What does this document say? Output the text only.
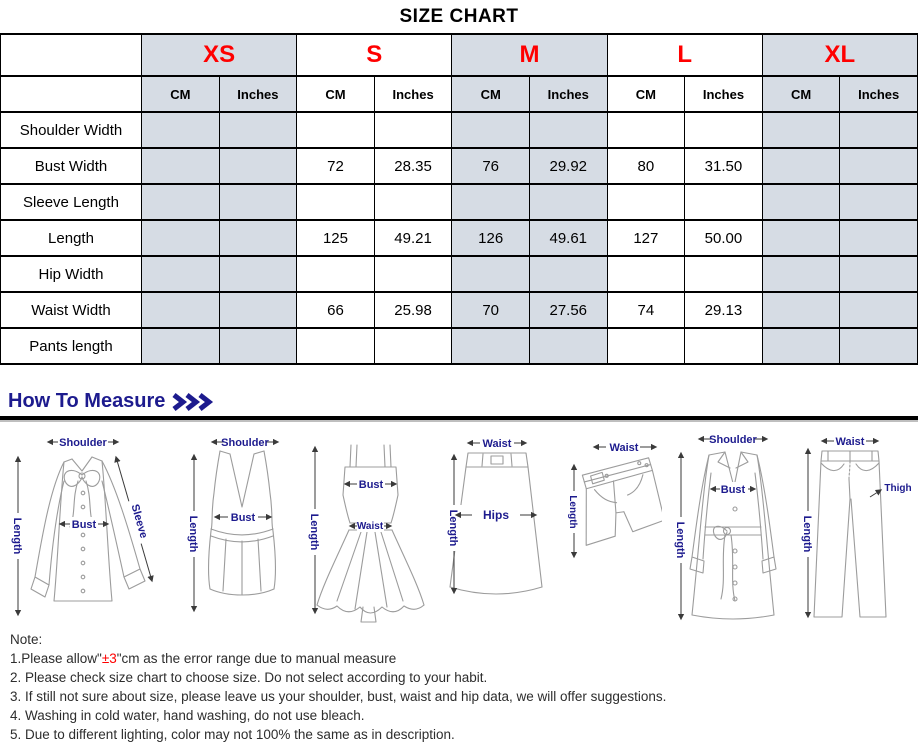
SIZE CHART
	XS		S		M		L		XL	
	CM	Inches	CM	Inches	CM	Inches	CM	Inches	CM	Inches
Shoulder Width										
Bust Width			72	28.35	76	29.92	80	31.50		
Sleeve Length										
Length			125	49.21	126	49.61	127	50.00		
Hip Width										
Waist Width			66	25.98	70	27.56	74	29.13		
Pants length										
How To Measure
Shoulder
Length	Bust	Sleeve
Shoulder
Length	Bust	Length
Bust
Waist
Waist
Length Hips
Waist
Length
Shoulder
Length
Bust
Waist
Length
Thigh
Note:
1.Please allow"±3"cm as the error range due to manual measure
2. Please check size chart to choose size. Do not select according to your habit.
3. If still not sure about size, please leave us your shoulder, bust, waist and hip data, we will offer suggestions.
4. Washing in cold water, hand washing, do not use bleach.
5. Due to different lighting, color may not 100% the same as in description.
